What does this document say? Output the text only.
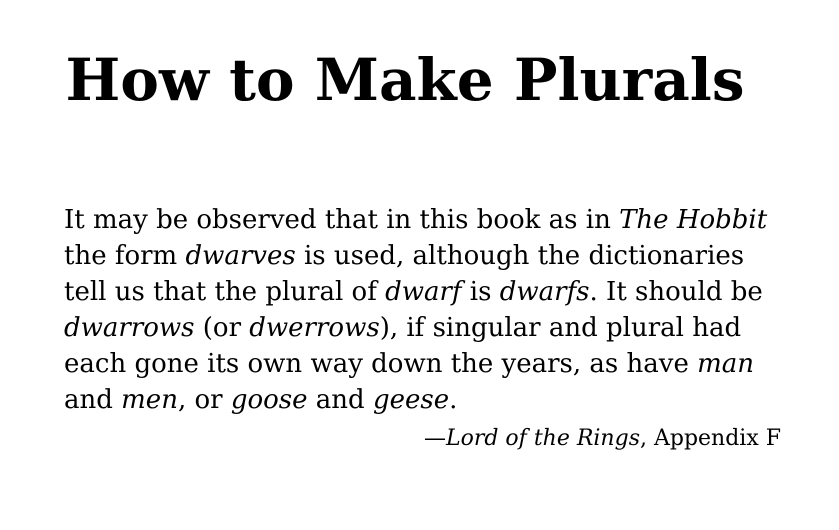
How to Make Plurals
It may be observed that in this book as in The Hobbit
the form dwarves is used, although the dictionaries
tell us that the plural of dwarf is dwarfs. It should be
dwarrows (or dwerrows), if singular and plural had
each gone its own way down the years, as have man
and men, or goose and geese.
—Lord of the Rings, Appendix F
